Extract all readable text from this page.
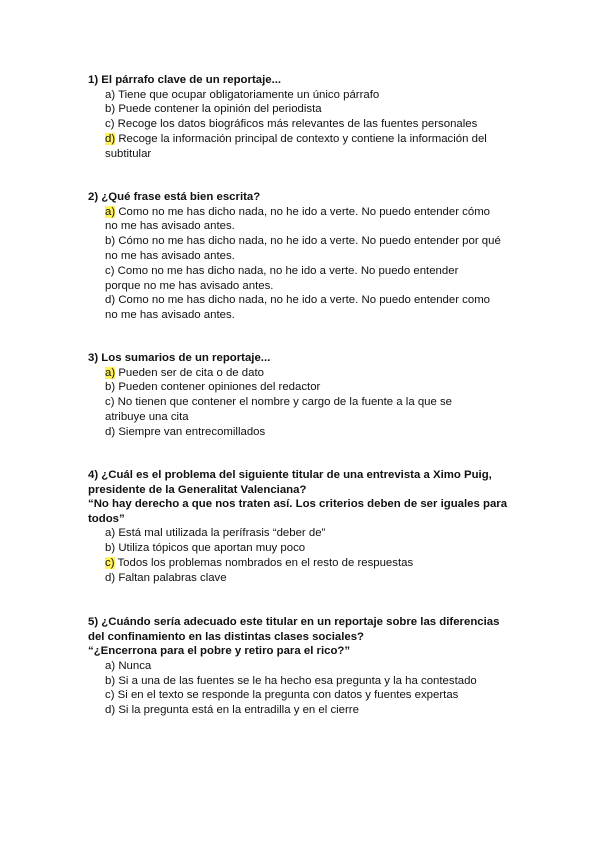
1) El párrafo clave de un reportaje...

a) Tiene que ocupar obligatoriamente un único párrafo
b) Puede contener la opinión del periodista
c) Recoge los datos biográficos más relevantes de las fuentes personales
d) Recoge la información principal de contexto y contiene la información del subtitular

2) ¿Qué frase está bien escrita?

a) Como no me has dicho nada, no he ido a verte. No puedo entender cómo no me has avisado antes.
b) Cómo no me has dicho nada, no he ido a verte. No puedo entender por qué no me has avisado antes.
c) Como no me has dicho nada, no he ido a verte. No puedo entender porque no me has avisado antes.
d) Como no me has dicho nada, no he ido a verte. No puedo entender como no me has avisado antes.

3) Los sumarios de un reportaje...

a) Pueden ser de cita o de dato
b) Pueden contener opiniones del redactor
c) No tienen que contener el nombre y cargo de la fuente a la que se atribuye una cita
d) Siempre van entrecomillados

4) ¿Cuál es el problema del siguiente titular de una entrevista a Ximo Puig, presidente de la Generalitat Valenciana?

“No hay derecho a que nos traten así. Los criterios deben de ser iguales para todos”

a) Está mal utilizada la perífrasis “deber de”
b) Utiliza tópicos que aportan muy poco
c) Todos los problemas nombrados en el resto de respuestas
d) Faltan palabras clave

5) ¿Cuándo sería adecuado este titular en un reportaje sobre las diferencias del confinamiento en las distintas clases sociales?

“¿Encerrona para el pobre y retiro para el rico?”

a) Nunca
b) Si a una de las fuentes se le ha hecho esa pregunta y la ha contestado
c) Si en el texto se responde la pregunta con datos y fuentes expertas
d) Si la pregunta está en la entradilla y en el cierre
